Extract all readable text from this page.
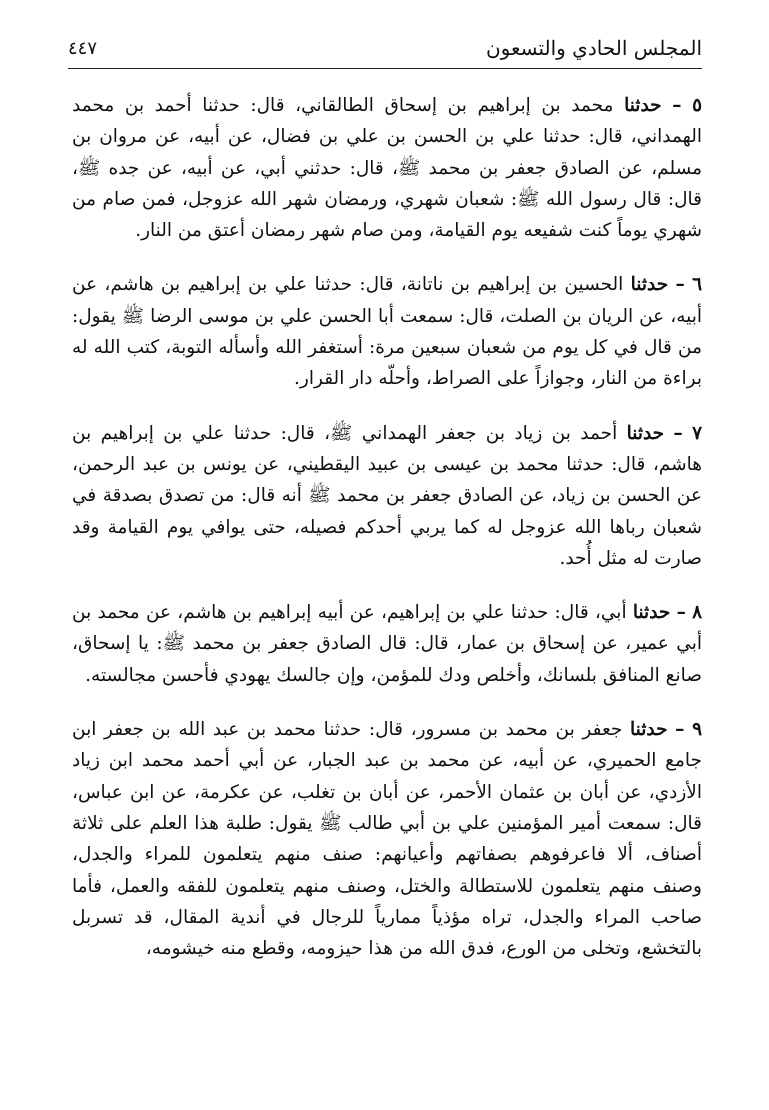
المجلس الحادي والتسعون
٤٤٧

٥ – حدثنا محمد بن إبراهيم بن إسحاق الطالقاني، قال: حدثنا أحمد بن محمد الهمداني، قال: حدثنا علي بن الحسن بن علي بن فضال، عن أبيه، عن مروان بن مسلم، عن الصادق جعفر بن محمد ﷺ، قال: حدثني أبي، عن أبيه، عن جده ﷺ، قال: قال رسول الله ﷺ: شعبان شهري، ورمضان شهر الله عزوجل، فمن صام من شهري يوماً كنت شفيعه يوم القيامة، ومن صام شهر رمضان أعتق من النار.

٦ – حدثنا الحسين بن إبراهيم بن ناتانة، قال: حدثنا علي بن إبراهيم بن هاشم، عن أبيه، عن الريان بن الصلت، قال: سمعت أبا الحسن علي بن موسى الرضا ﷺ يقول: من قال في كل يوم من شعبان سبعين مرة: أستغفر الله وأسأله التوبة، كتب الله له براءة من النار، وجوازاً على الصراط، وأحلّه دار القرار.

٧ – حدثنا أحمد بن زياد بن جعفر الهمداني ﷺ، قال: حدثنا علي بن إبراهيم بن هاشم، قال: حدثنا محمد بن عيسى بن عبيد اليقطيني، عن يونس بن عبد الرحمن، عن الحسن بن زياد، عن الصادق جعفر بن محمد ﷺ أنه قال: من تصدق بصدقة في شعبان رباها الله عزوجل له كما يربي أحدكم فصيله، حتى يوافي يوم القيامة وقد صارت له مثل أُحد.

٨ – حدثنا أبي، قال: حدثنا علي بن إبراهيم، عن أبيه إبراهيم بن هاشم، عن محمد بن أبي عمير، عن إسحاق بن عمار، قال: قال الصادق جعفر بن محمد ﷺ: يا إسحاق، صانع المنافق بلسانك، وأخلص ودك للمؤمن، وإن جالسك يهودي فأحسن مجالسته.

٩ – حدثنا جعفر بن محمد بن مسرور، قال: حدثنا محمد بن عبد الله بن جعفر ابن جامع الحميري، عن أبيه، عن محمد بن عبد الجبار، عن أبي أحمد محمد ابن زياد الأزدي، عن أبان بن عثمان الأحمر، عن أبان بن تغلب، عن عكرمة، عن ابن عباس، قال: سمعت أمير المؤمنين علي بن أبي طالب ﷺ يقول: طلبة هذا العلم على ثلاثة أصناف، ألا فاعرفوهم بصفاتهم وأعيانهم: صنف منهم يتعلمون للمراء والجدل، وصنف منهم يتعلمون للاستطالة والختل، وصنف منهم يتعلمون للفقه والعمل، فأما صاحب المراء والجدل، تراه مؤذياً ممارياً للرجال في أندية المقال، قد تسربل بالتخشع، وتخلى من الورع، فدق الله من هذا حيزومه، وقطع منه خيشومه،
